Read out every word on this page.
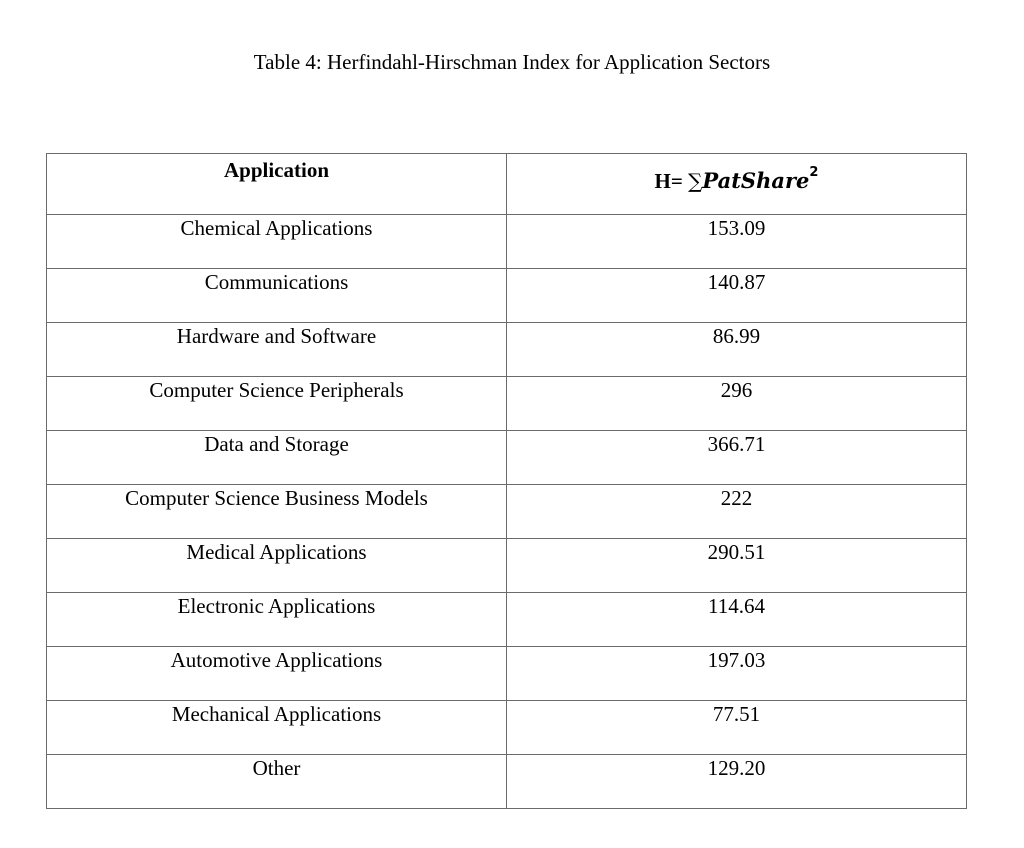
Table 4: Herfindahl-Hirschman Index for Application Sectors
Application	H= ∑PatShare$^2$
Chemical Applications	153.09
Communications	140.87
Hardware and Software	86.99
Computer Science Peripherals	296
Data and Storage	366.71
Computer Science Business Models	222
Medical Applications	290.51
Electronic Applications	114.64
Automotive Applications	197.03
Mechanical Applications	77.51
Other	129.20
